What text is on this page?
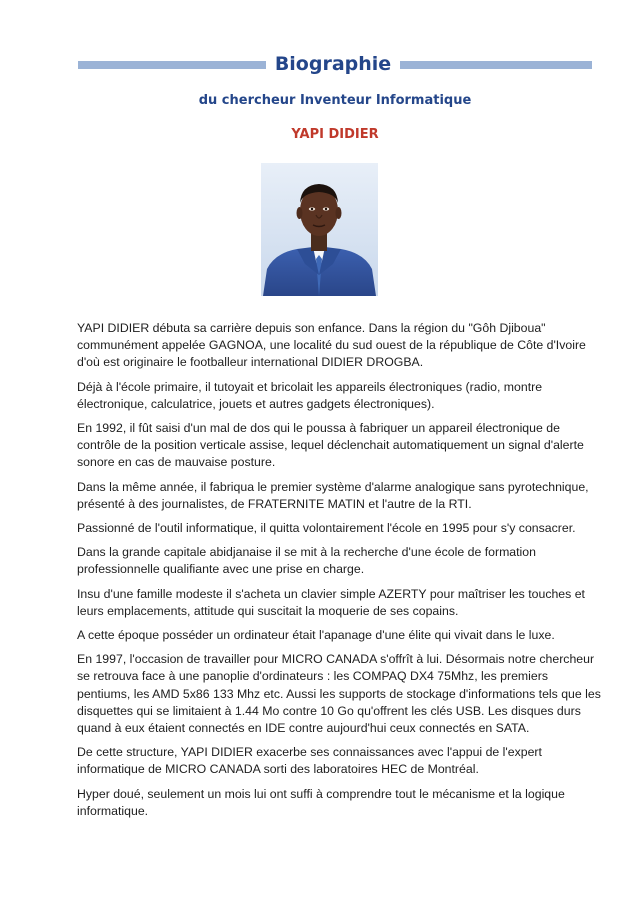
Biographie
du chercheur Inventeur Informatique
YAPI DIDIER

YAPI DIDIER débuta sa carrière depuis son enfance. Dans la région du "Gôh Djiboua" communément appelée GAGNOA, une localité du sud ouest de la république de Côte d'Ivoire d'où est originaire le footballeur international DIDIER DROGBA.

Déjà à l'école primaire, il tutoyait et bricolait les appareils électroniques (radio, montre électronique, calculatrice, jouets et autres gadgets électroniques).

En 1992, il fût saisi d'un mal de dos qui le poussa à fabriquer un appareil électronique de contrôle de la position verticale assise, lequel déclenchait automatiquement un signal d'alerte sonore en cas de mauvaise posture.

Dans la même année, il fabriqua le premier système d'alarme analogique sans pyrotechnique, présenté à des journalistes, de FRATERNITE MATIN et l'autre de la RTI.

Passionné de l'outil informatique, il quitta volontairement l'école en 1995 pour s'y consacrer.

Dans la grande capitale abidjanaise il se mit à la recherche d'une école de formation professionnelle qualifiante avec une prise en charge.

Insu d'une famille modeste il s'acheta un clavier simple AZERTY pour maîtriser les touches et leurs emplacements, attitude qui suscitait la moquerie de ses copains.

A cette époque posséder un ordinateur était l'apanage d'une élite qui vivait dans le luxe.

En 1997, l'occasion de travailler pour MICRO CANADA s'offrît à lui. Désormais notre chercheur se retrouva face à une panoplie d'ordinateurs : les COMPAQ DX4 75Mhz, les premiers pentiums, les AMD 5x86 133 Mhz etc. Aussi les supports de stockage d'informations tels que les disquettes qui se limitaient à 1.44 Mo contre 10 Go qu'offrent les clés USB. Les disques durs quand à eux étaient connectés en IDE contre aujourd'hui ceux connectés en SATA.

De cette structure, YAPI DIDIER exacerbe ses connaissances avec l'appui de l'expert informatique de MICRO CANADA sorti des laboratoires HEC de Montréal.

Hyper doué, seulement un mois lui ont suffi à comprendre tout le mécanisme et la logique informatique.
